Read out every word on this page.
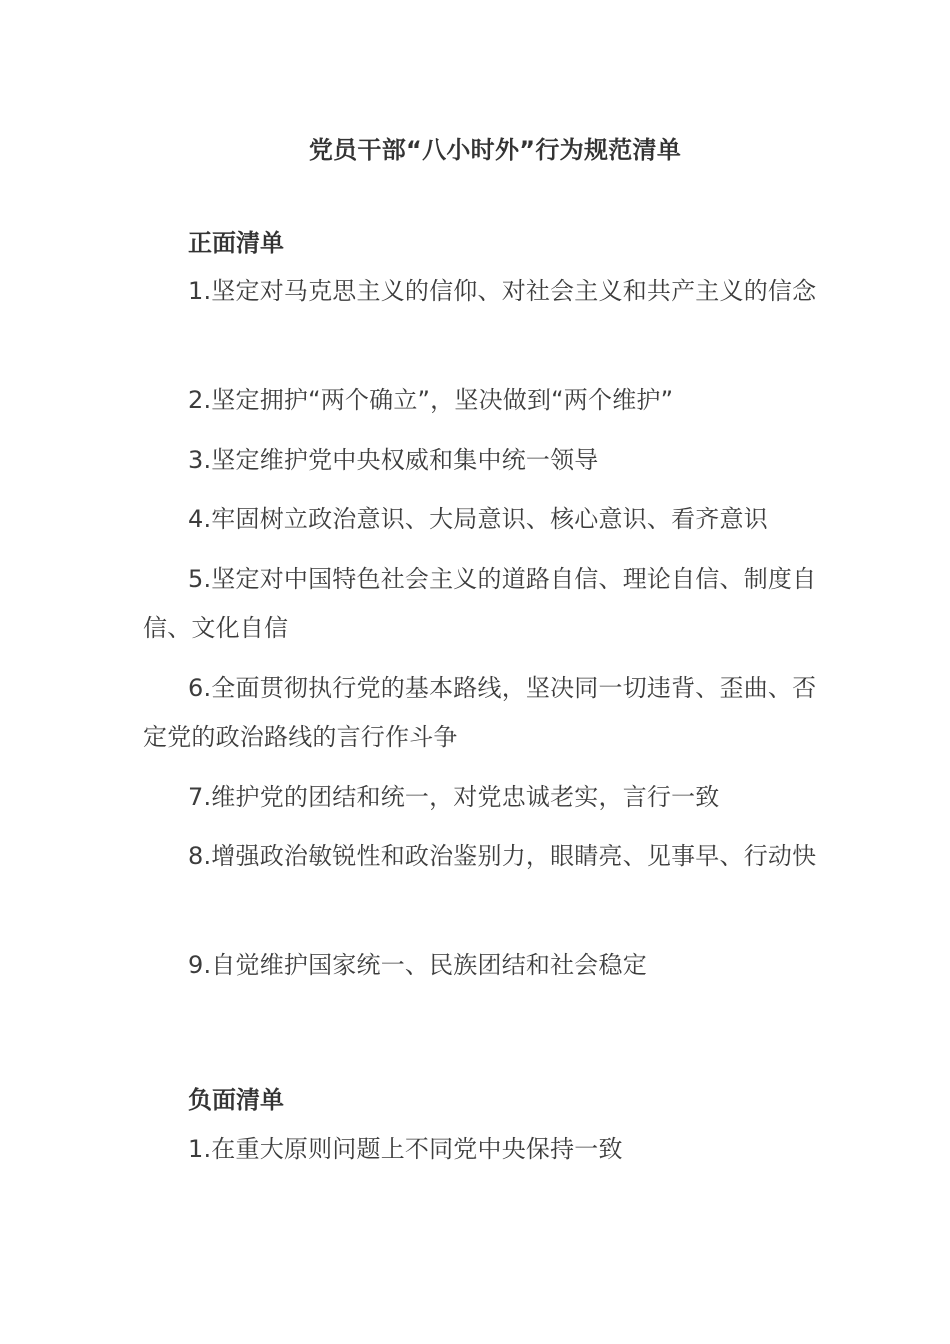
党员干部“八小时外”行为规范清单
正面清单
1.坚定对马克思主义的信仰、对社会主义和共产主义的信念
2.坚定拥护“两个确立”，坚决做到“两个维护”
3.坚定维护党中央权威和集中统一领导
4.牢固树立政治意识、大局意识、核心意识、看齐意识
5.坚定对中国特色社会主义的道路自信、理论自信、制度自信、文化自信
6.全面贯彻执行党的基本路线，坚决同一切违背、歪曲、否定党的政治路线的言行作斗争
7.维护党的团结和统一，对党忠诚老实，言行一致
8.增强政治敏锐性和政治鉴别力，眼睛亮、见事早、行动快
9.自觉维护国家统一、民族团结和社会稳定
负面清单
1.在重大原则问题上不同党中央保持一致
